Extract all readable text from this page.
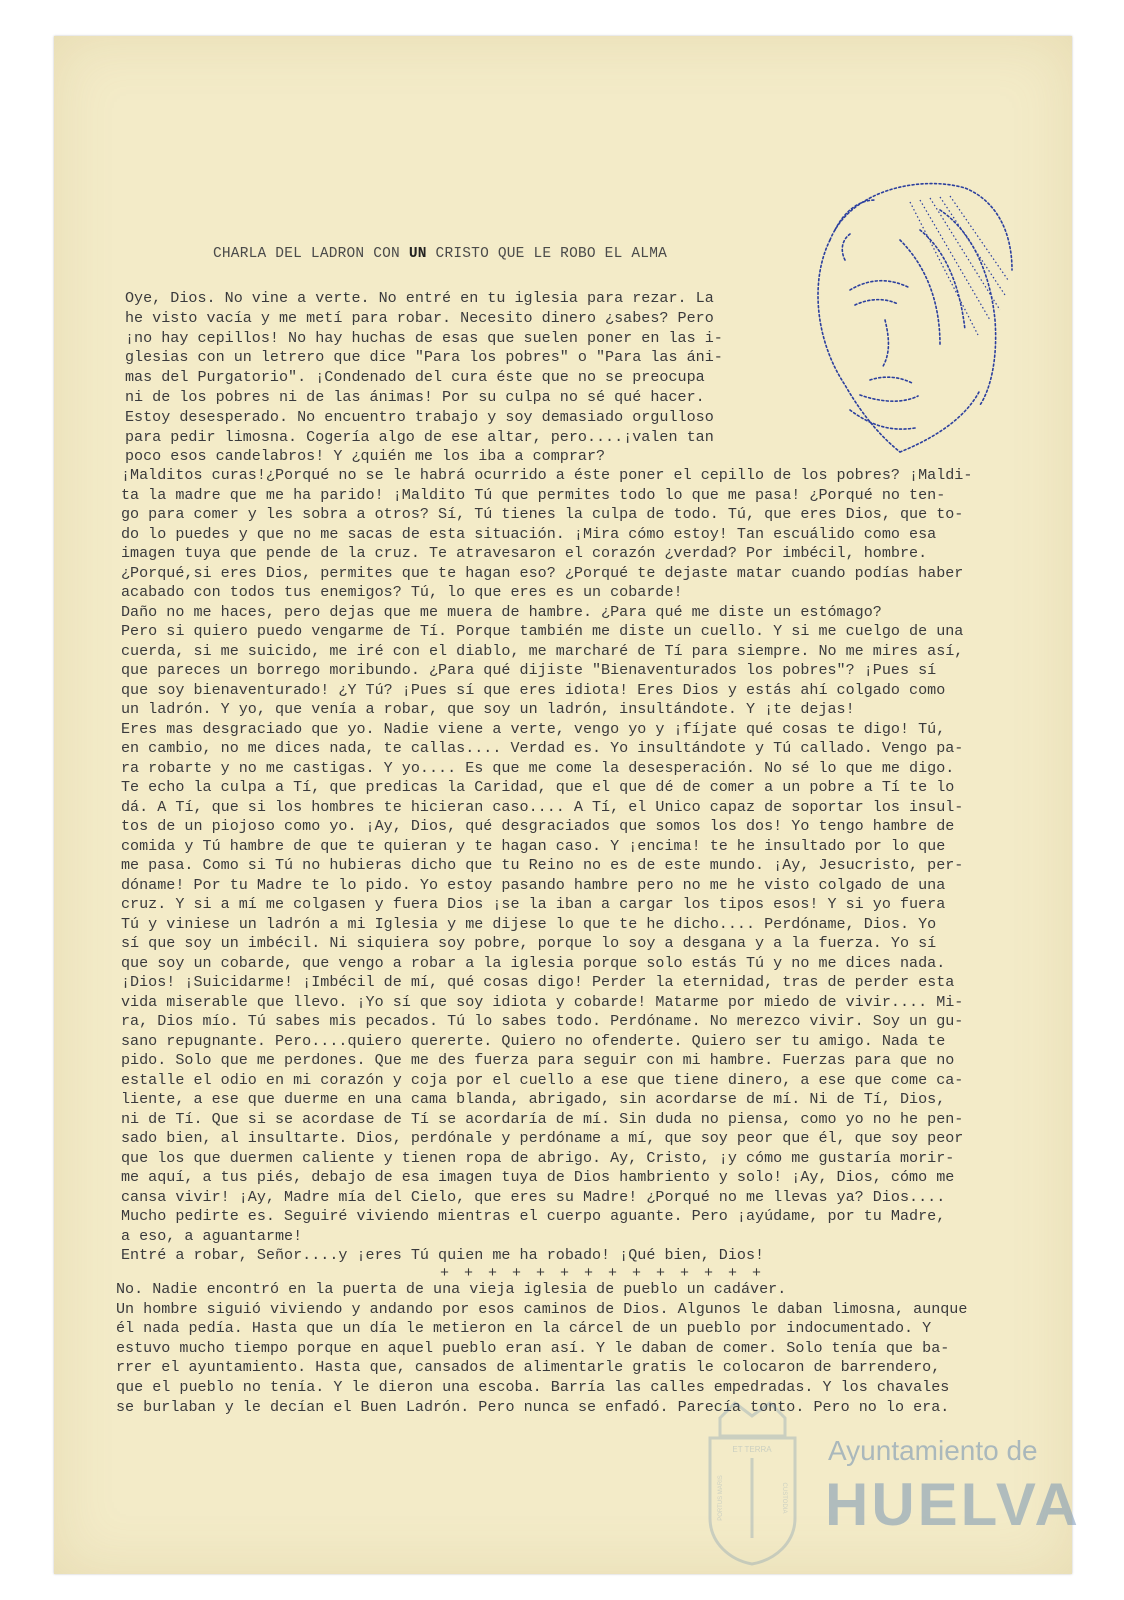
CHARLA DEL LADRON CON UN CRISTO QUE LE ROBO EL ALMA
Oye, Dios. No vine a verte. No entré en tu iglesia para rezar. La
he visto vacía y me metí para robar. Necesito dinero ¿sabes? Pero
¡no hay cepillos! No hay huchas de esas que suelen poner en las i-
glesias con un letrero que dice "Para los pobres" o "Para las áni-
mas del Purgatorio". ¡Condenado del cura éste que no se preocupa
ni de los pobres ni de las ánimas! Por su culpa no sé qué hacer.
Estoy desesperado. No encuentro trabajo y soy demasiado orgulloso
para pedir limosna. Cogería algo de ese altar, pero....¡valen tan
poco esos candelabros! Y ¿quién me los iba a comprar?
¡Malditos curas!¿Porqué no se le habrá ocurrido a éste poner el cepillo de los pobres? ¡Maldi-
ta la madre que me ha parido! ¡Maldito Tú que permites todo lo que me pasa! ¿Porqué no ten-
go para comer y les sobra a otros? Sí, Tú tienes la culpa de todo. Tú, que eres Dios, que to-
do lo puedes y que no me sacas de esta situación. ¡Mira cómo estoy! Tan escuálido como esa
imagen tuya que pende de la cruz. Te atravesaron el corazón ¿verdad? Por imbécil, hombre.
¿Porqué,si eres Dios, permites que te hagan eso? ¿Porqué te dejaste matar cuando podías haber
acabado con todos tus enemigos? Tú, lo que eres es un cobarde!
Daño no me haces, pero dejas que me muera de hambre. ¿Para qué me diste un estómago?
Pero si quiero puedo vengarme de Tí. Porque también me diste un cuello. Y si me cuelgo de una
cuerda, si me suicido, me iré con el diablo, me marcharé de Tí para siempre. No me mires así,
que pareces un borrego moribundo. ¿Para qué dijiste "Bienaventurados los pobres"? ¡Pues sí
que soy bienaventurado! ¿Y Tú? ¡Pues sí que eres idiota! Eres Dios y estás ahí colgado como
un ladrón. Y yo, que venía a robar, que soy un ladrón, insultándote. Y ¡te dejas!
Eres mas desgraciado que yo. Nadie viene a verte, vengo yo y ¡fíjate qué cosas te digo! Tú,
en cambio, no me dices nada, te callas.... Verdad es. Yo insultándote y Tú callado. Vengo pa-
ra robarte y no me castigas. Y yo.... Es que me come la desesperación. No sé lo que me digo.
Te echo la culpa a Tí, que predicas la Caridad, que el que dé de comer a un pobre a Tí te lo
dá. A Tí, que si los hombres te hicieran caso.... A Tí, el Unico capaz de soportar los insul-
tos de un piojoso como yo. ¡Ay, Dios, qué desgraciados que somos los dos! Yo tengo hambre de
comida y Tú hambre de que te quieran y te hagan caso. Y ¡encima! te he insultado por lo que
me pasa. Como si Tú no hubieras dicho que tu Reino no es de este mundo. ¡Ay, Jesucristo, per-
dóname! Por tu Madre te lo pido. Yo estoy pasando hambre pero no me he visto colgado de una
cruz. Y si a mí me colgasen y fuera Dios ¡se la iban a cargar los tipos esos! Y si yo fuera
Tú y viniese un ladrón a mi Iglesia y me dijese lo que te he dicho.... Perdóname, Dios. Yo
sí que soy un imbécil. Ni siquiera soy pobre, porque lo soy a desgana y a la fuerza. Yo sí
que soy un cobarde, que vengo a robar a la iglesia porque solo estás Tú y no me dices nada.
¡Dios! ¡Suicidarme! ¡Imbécil de mí, qué cosas digo! Perder la eternidad, tras de perder esta
vida miserable que llevo. ¡Yo sí que soy idiota y cobarde! Matarme por miedo de vivir.... Mi-
ra, Dios mío. Tú sabes mis pecados. Tú lo sabes todo. Perdóname. No merezco vivir. Soy un gu-
sano repugnante. Pero....quiero quererte. Quiero no ofenderte. Quiero ser tu amigo. Nada te
pido. Solo que me perdones. Que me des fuerza para seguir con mi hambre. Fuerzas para que no
estalle el odio en mi corazón y coja por el cuello a ese que tiene dinero, a ese que come ca-
liente, a ese que duerme en una cama blanda, abrigado, sin acordarse de mí. Ni de Tí, Dios,
ni de Tí. Que si se acordase de Tí se acordaría de mí. Sin duda no piensa, como yo no he pen-
sado bien, al insultarte. Dios, perdónale y perdóname a mí, que soy peor que él, que soy peor
que los que duermen caliente y tienen ropa de abrigo. Ay, Cristo, ¡y cómo me gustaría morir-
me aquí, a tus piés, debajo de esa imagen tuya de Dios hambriento y solo! ¡Ay, Dios, cómo me
cansa vivir! ¡Ay, Madre mía del Cielo, que eres su Madre! ¿Porqué no me llevas ya? Dios....
Mucho pedirte es. Seguiré viviendo mientras el cuerpo aguante. Pero ¡ayúdame, por tu Madre,
a eso, a aguantarme!
Entré a robar, Señor....y ¡eres Tú quien me ha robado! ¡Qué bien, Dios!
+ + + + + + + + + + + + + +
No. Nadie encontró en la puerta de una vieja iglesia de pueblo un cadáver.
Un hombre siguió viviendo y andando por esos caminos de Dios. Algunos le daban limosna, aunque
él nada pedía. Hasta que un día le metieron en la cárcel de un pueblo por indocumentado. Y
estuvo mucho tiempo porque en aquel pueblo eran así. Y le daban de comer. Solo tenía que ba-
rrer el ayuntamiento. Hasta que, cansados de alimentarle gratis le colocaron de barrendero,
que el pueblo no tenía. Y le dieron una escoba. Barría las calles empedradas. Y los chavales
se burlaban y le decían el Buen Ladrón. Pero nunca se enfadó. Parecía tonto. Pero no lo era.
ET TERRA
PORTUS MARIS	CUSTODIA
Ayuntamiento de
HUELVA
